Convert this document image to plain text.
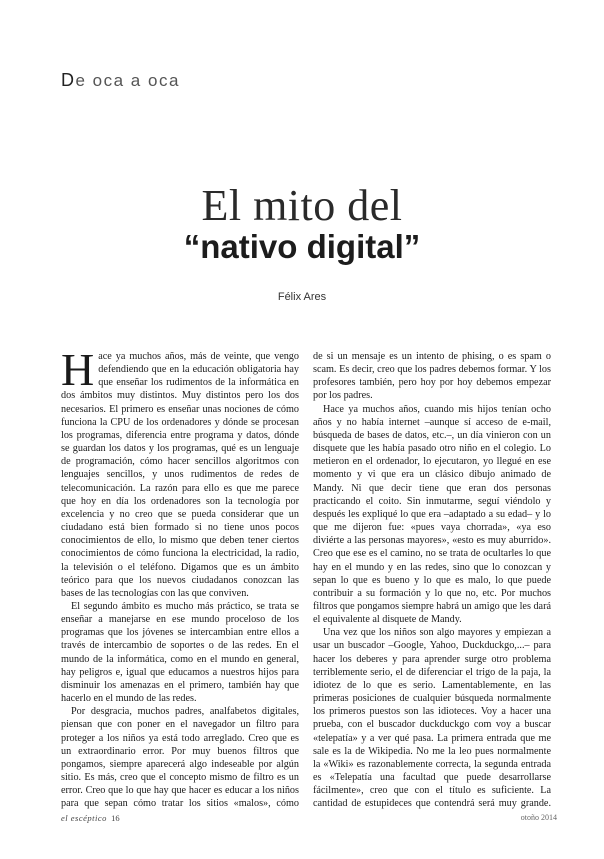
De oca a oca
El mito del
“nativo digital”
Félix Ares

Hace ya muchos años, más de veinte, que vengo defendiendo que en la educación obligatoria hay que enseñar los rudimentos de la informática en dos ámbitos muy distintos. Muy distintos pero los dos necesarios. El primero es enseñar unas nociones de cómo funciona la CPU de los ordenadores y dónde se procesan los programas, diferencia entre programa y datos, dónde se guardan los datos y los programas, qué es un lenguaje de programación, cómo hacer sencillos algoritmos con lenguajes sencillos, y unos rudimentos de redes de telecomunicación. La razón para ello es que me parece que hoy en día los ordenadores son la tecnología por excelencia y no creo que se pueda considerar que un ciudadano está bien formado si no tiene unos pocos conocimientos de ello, lo mismo que deben tener ciertos conocimientos de cómo funciona la electricidad, la radio, la televisión o el teléfono. Digamos que es un ámbito teórico para que los nuevos ciudadanos conozcan las bases de las tecnologías con las que conviven.

El segundo ámbito es mucho más práctico, se trata se enseñar a manejarse en ese mundo proceloso de los programas que los jóvenes se intercambian entre ellos a través de intercambio de soportes o de las redes. En el mundo de la informática, como en el mundo en general, hay peligros e, igual que educamos a nuestros hijos para disminuir los amenazas en el primero, también hay que hacerlo en el mundo de las redes.

Por desgracia, muchos padres, analfabetos digitales, piensan que con poner en el navegador un filtro para proteger a los niños ya está todo arreglado. Creo que es un extraordinario error. Por muy buenos filtros que pongamos, siempre aparecerá algo indeseable por algún sitio. Es más, creo que el concepto mismo de filtro es un error. Creo que lo que hay que hacer es educar a los niños para que sepan cómo tratar los sitios «malos», cómo

de si un mensaje es un intento de phising, o es spam o scam. Es decir, creo que los padres debemos formar. Y los profesores también, pero hoy por hoy debemos empezar por los padres.

Hace ya muchos años, cuando mis hijos tenían ocho años y no había internet –aunque sí acceso de e-mail, búsqueda de bases de datos, etc.–, un día vinieron con un disquete que les había pasado otro niño en el colegio. Lo metieron en el ordenador, lo ejecutaron, yo llegué en ese momento y vi que era un clásico dibujo animado de Mandy. Ni que decir tiene que eran dos personas practicando el coito. Sin inmutarme, seguí viéndolo y después les expliqué lo que era –adaptado a su edad– y lo que me dijeron fue: «pues vaya chorrada», «ya eso diviérte a las personas mayores», «esto es muy aburrido». Creo que ese es el camino, no se trata de ocultarles lo que hay en el mundo y en las redes, sino que lo conozcan y sepan lo que es bueno y lo que es malo, lo que puede contribuir a su formación y lo que no, etc. Por muchos filtros que pongamos siempre habrá un amigo que les dará el equivalente al disquete de Mandy.

Una vez que los niños son algo mayores y empiezan a usar un buscador –Google, Yahoo, Duckduckgo,...– para hacer los deberes y para aprender surge otro problema terriblemente serio, el de diferenciar el trigo de la paja, la idiotez de lo que es serio. Lamentablemente, en las primeras posiciones de cualquier búsqueda normalmente los primeros puestos son las idioteces. Voy a hacer una prueba, con el buscador duckduckgo com voy a buscar «telepatía» y a ver qué pasa. La primera entrada que me sale es la de Wikipedia. No me la leo pues normalmente la «Wiki» es razonablemente correcta, la segunda entrada es «Telepatía una facultad que puede desarrollarse fácilmente», creo que con el título es suficiente. La cantidad de estupideces que contendrá será muy grande.

el escéptico 16	otoño 2014
